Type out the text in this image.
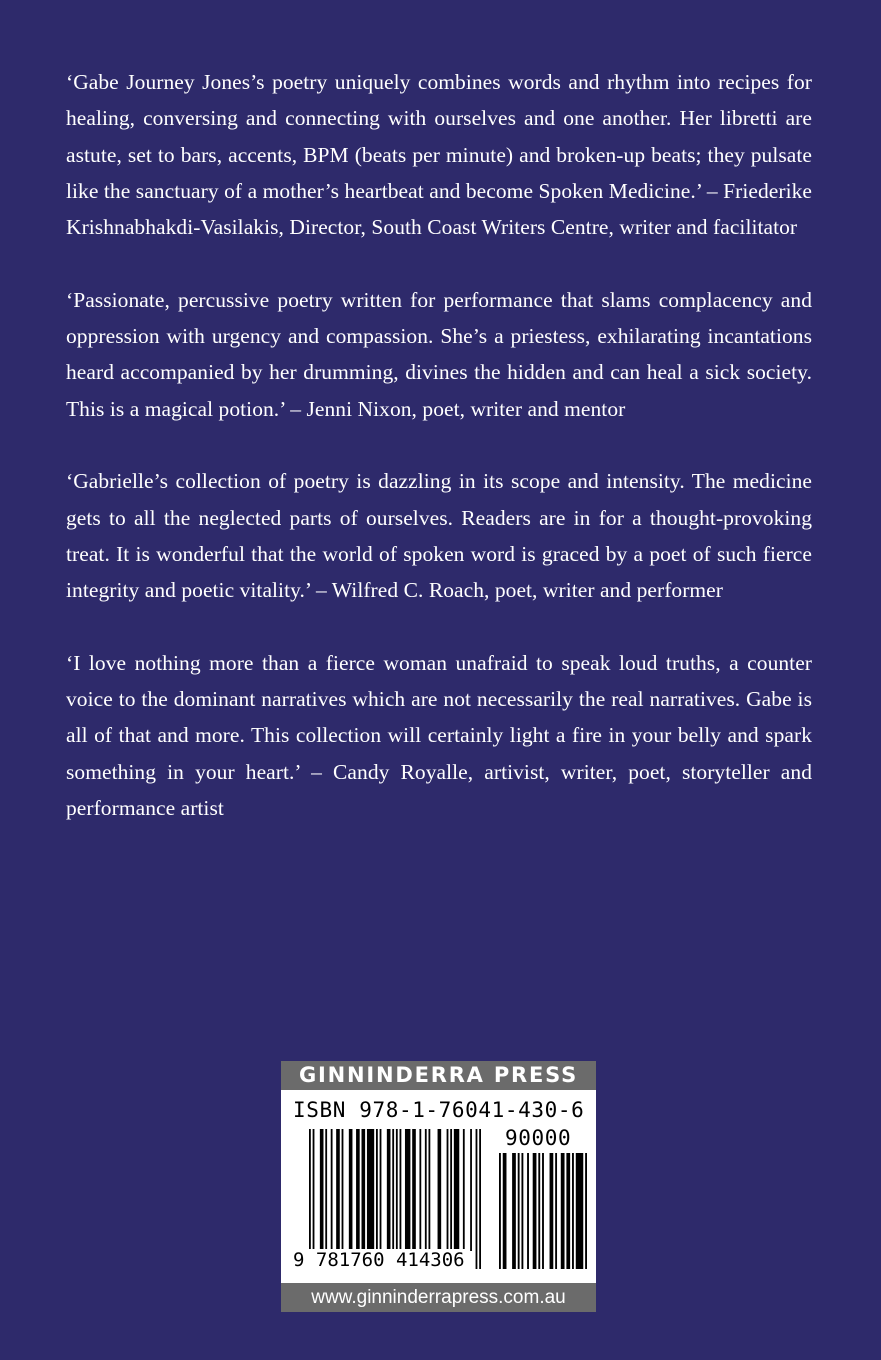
‘Gabe Journey Jones’s poetry uniquely combines words and rhythm into recipes for healing, conversing and connecting with ourselves and one another. Her libretti are astute, set to bars, accents, BPM (beats per minute) and broken-up beats; they pulsate like the sanctuary of a mother’s heartbeat and become Spoken Medicine.’ – Friederike Krishnabhakdi-Vasilakis, Director, South Coast Writers Centre, writer and facilitator

‘Passionate, percussive poetry written for performance that slams complacency and oppression with urgency and compassion. She’s a priestess, exhilarating incantations heard accompanied by her drumming, divines the hidden and can heal a sick society. This is a magical potion.’ – Jenni Nixon, poet, writer and mentor

‘Gabrielle’s collection of poetry is dazzling in its scope and intensity. The medicine gets to all the neglected parts of ourselves. Readers are in for a thought-provoking treat. It is wonderful that the world of spoken word is graced by a poet of such fierce integrity and poetic vitality.’ – Wilfred C. Roach, poet, writer and performer

‘I love nothing more than a fierce woman unafraid to speak loud truths, a counter voice to the dominant narratives which are not necessarily the real narratives. Gabe is all of that and more. This collection will certainly light a fire in your belly and spark something in your heart.’ – Candy Royalle, artivist, writer, poet, storyteller and performance artist

GINNINDERRA PRESS
ISBN 978-1-76041-430-6
90000
9 781760 414306
www.ginninderrapress.com.au
